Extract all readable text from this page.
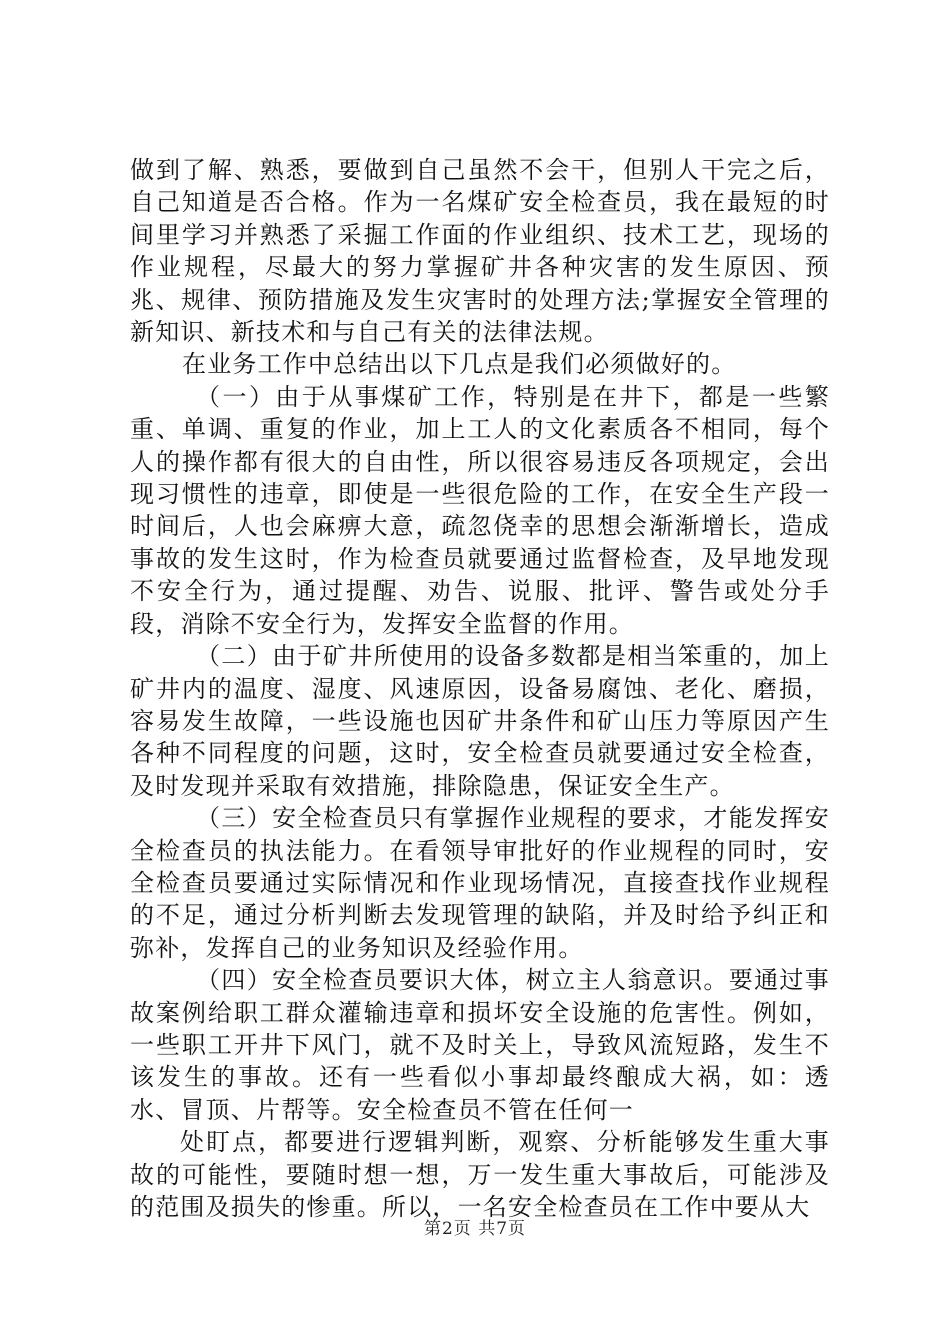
做到了解、熟悉，要做到自己虽然不会干，但别人干完之后，自己知道是否合格。作为一名煤矿安全检查员，我在最短的时间里学习并熟悉了采掘工作面的作业组织、技术工艺，现场的作业规程，尽最大的努力掌握矿井各种灾害的发生原因、预兆、规律、预防措施及发生灾害时的处理方法;掌握安全管理的新知识、新技术和与自己有关的法律法规。

在业务工作中总结出以下几点是我们必须做好的。

（一）由于从事煤矿工作，特别是在井下，都是一些繁重、单调、重复的作业，加上工人的文化素质各不相同，每个人的操作都有很大的自由性，所以很容易违反各项规定，会出现习惯性的违章，即使是一些很危险的工作，在安全生产段一时间后，人也会麻痹大意，疏忽侥幸的思想会渐渐增长，造成事故的发生这时，作为检查员就要通过监督检查，及早地发现不安全行为，通过提醒、劝告、说服、批评、警告或处分手段，消除不安全行为，发挥安全监督的作用。

（二）由于矿井所使用的设备多数都是相当笨重的，加上矿井内的温度、湿度、风速原因，设备易腐蚀、老化、磨损，容易发生故障，一些设施也因矿井条件和矿山压力等原因产生各种不同程度的问题，这时，安全检查员就要通过安全检查，及时发现并采取有效措施，排除隐患，保证安全生产。

（三）安全检查员只有掌握作业规程的要求，才能发挥安全检查员的执法能力。在看领导审批好的作业规程的同时，安全检查员要通过实际情况和作业现场情况，直接查找作业规程的不足，通过分析判断去发现管理的缺陷，并及时给予纠正和弥补，发挥自己的业务知识及经验作用。

（四）安全检查员要识大体，树立主人翁意识。要通过事故案例给职工群众灌输违章和损坏安全设施的危害性。例如，一些职工开井下风门，就不及时关上，导致风流短路，发生不该发生的事故。还有一些看似小事却最终酿成大祸，如：透水、冒顶、片帮等。安全检查员不管在任何一

处盯点，都要进行逻辑判断，观察、分析能够发生重大事故的可能性，要随时想一想，万一发生重大事故后，可能涉及的范围及损失的惨重。所以，一名安全检查员在工作中要从大

第2页 共7页
